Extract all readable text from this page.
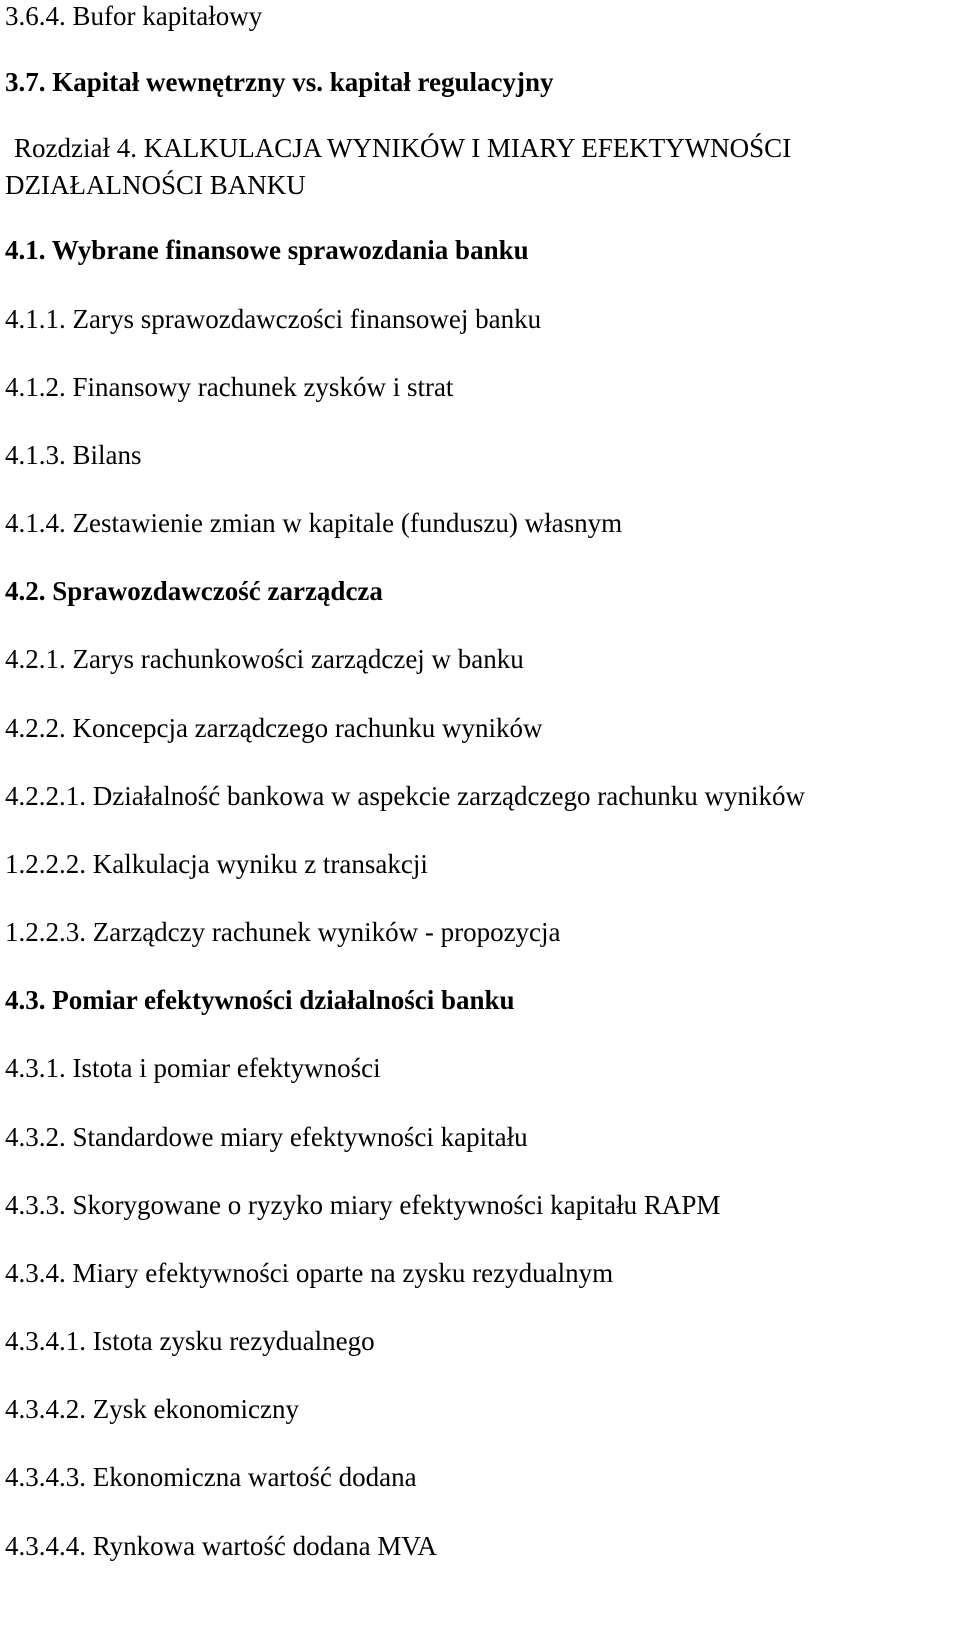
3.6.4. Bufor kapitałowy
3.7. Kapitał wewnętrzny vs. kapitał regulacyjny
Rozdział 4. KALKULACJA WYNIKÓW I MIARY EFEKTYWNOŚCI
DZIAŁALNOŚCI BANKU
4.1. Wybrane finansowe sprawozdania banku
4.1.1. Zarys sprawozdawczości finansowej banku
4.1.2. Finansowy rachunek zysków i strat
4.1.3. Bilans
4.1.4. Zestawienie zmian w kapitale (funduszu) własnym
4.2. Sprawozdawczość zarządcza
4.2.1. Zarys rachunkowości zarządczej w banku
4.2.2. Koncepcja zarządczego rachunku wyników
4.2.2.1. Działalność bankowa w aspekcie zarządczego rachunku wyników
1.2.2.2. Kalkulacja wyniku z transakcji
1.2.2.3. Zarządczy rachunek wyników - propozycja
4.3. Pomiar efektywności działalności banku
4.3.1. Istota i pomiar efektywności
4.3.2. Standardowe miary efektywności kapitału
4.3.3. Skorygowane o ryzyko miary efektywności kapitału RAPM
4.3.4. Miary efektywności oparte na zysku rezydualnym
4.3.4.1. Istota zysku rezydualnego
4.3.4.2. Zysk ekonomiczny
4.3.4.3. Ekonomiczna wartość dodana
4.3.4.4. Rynkowa wartość dodana MVA
